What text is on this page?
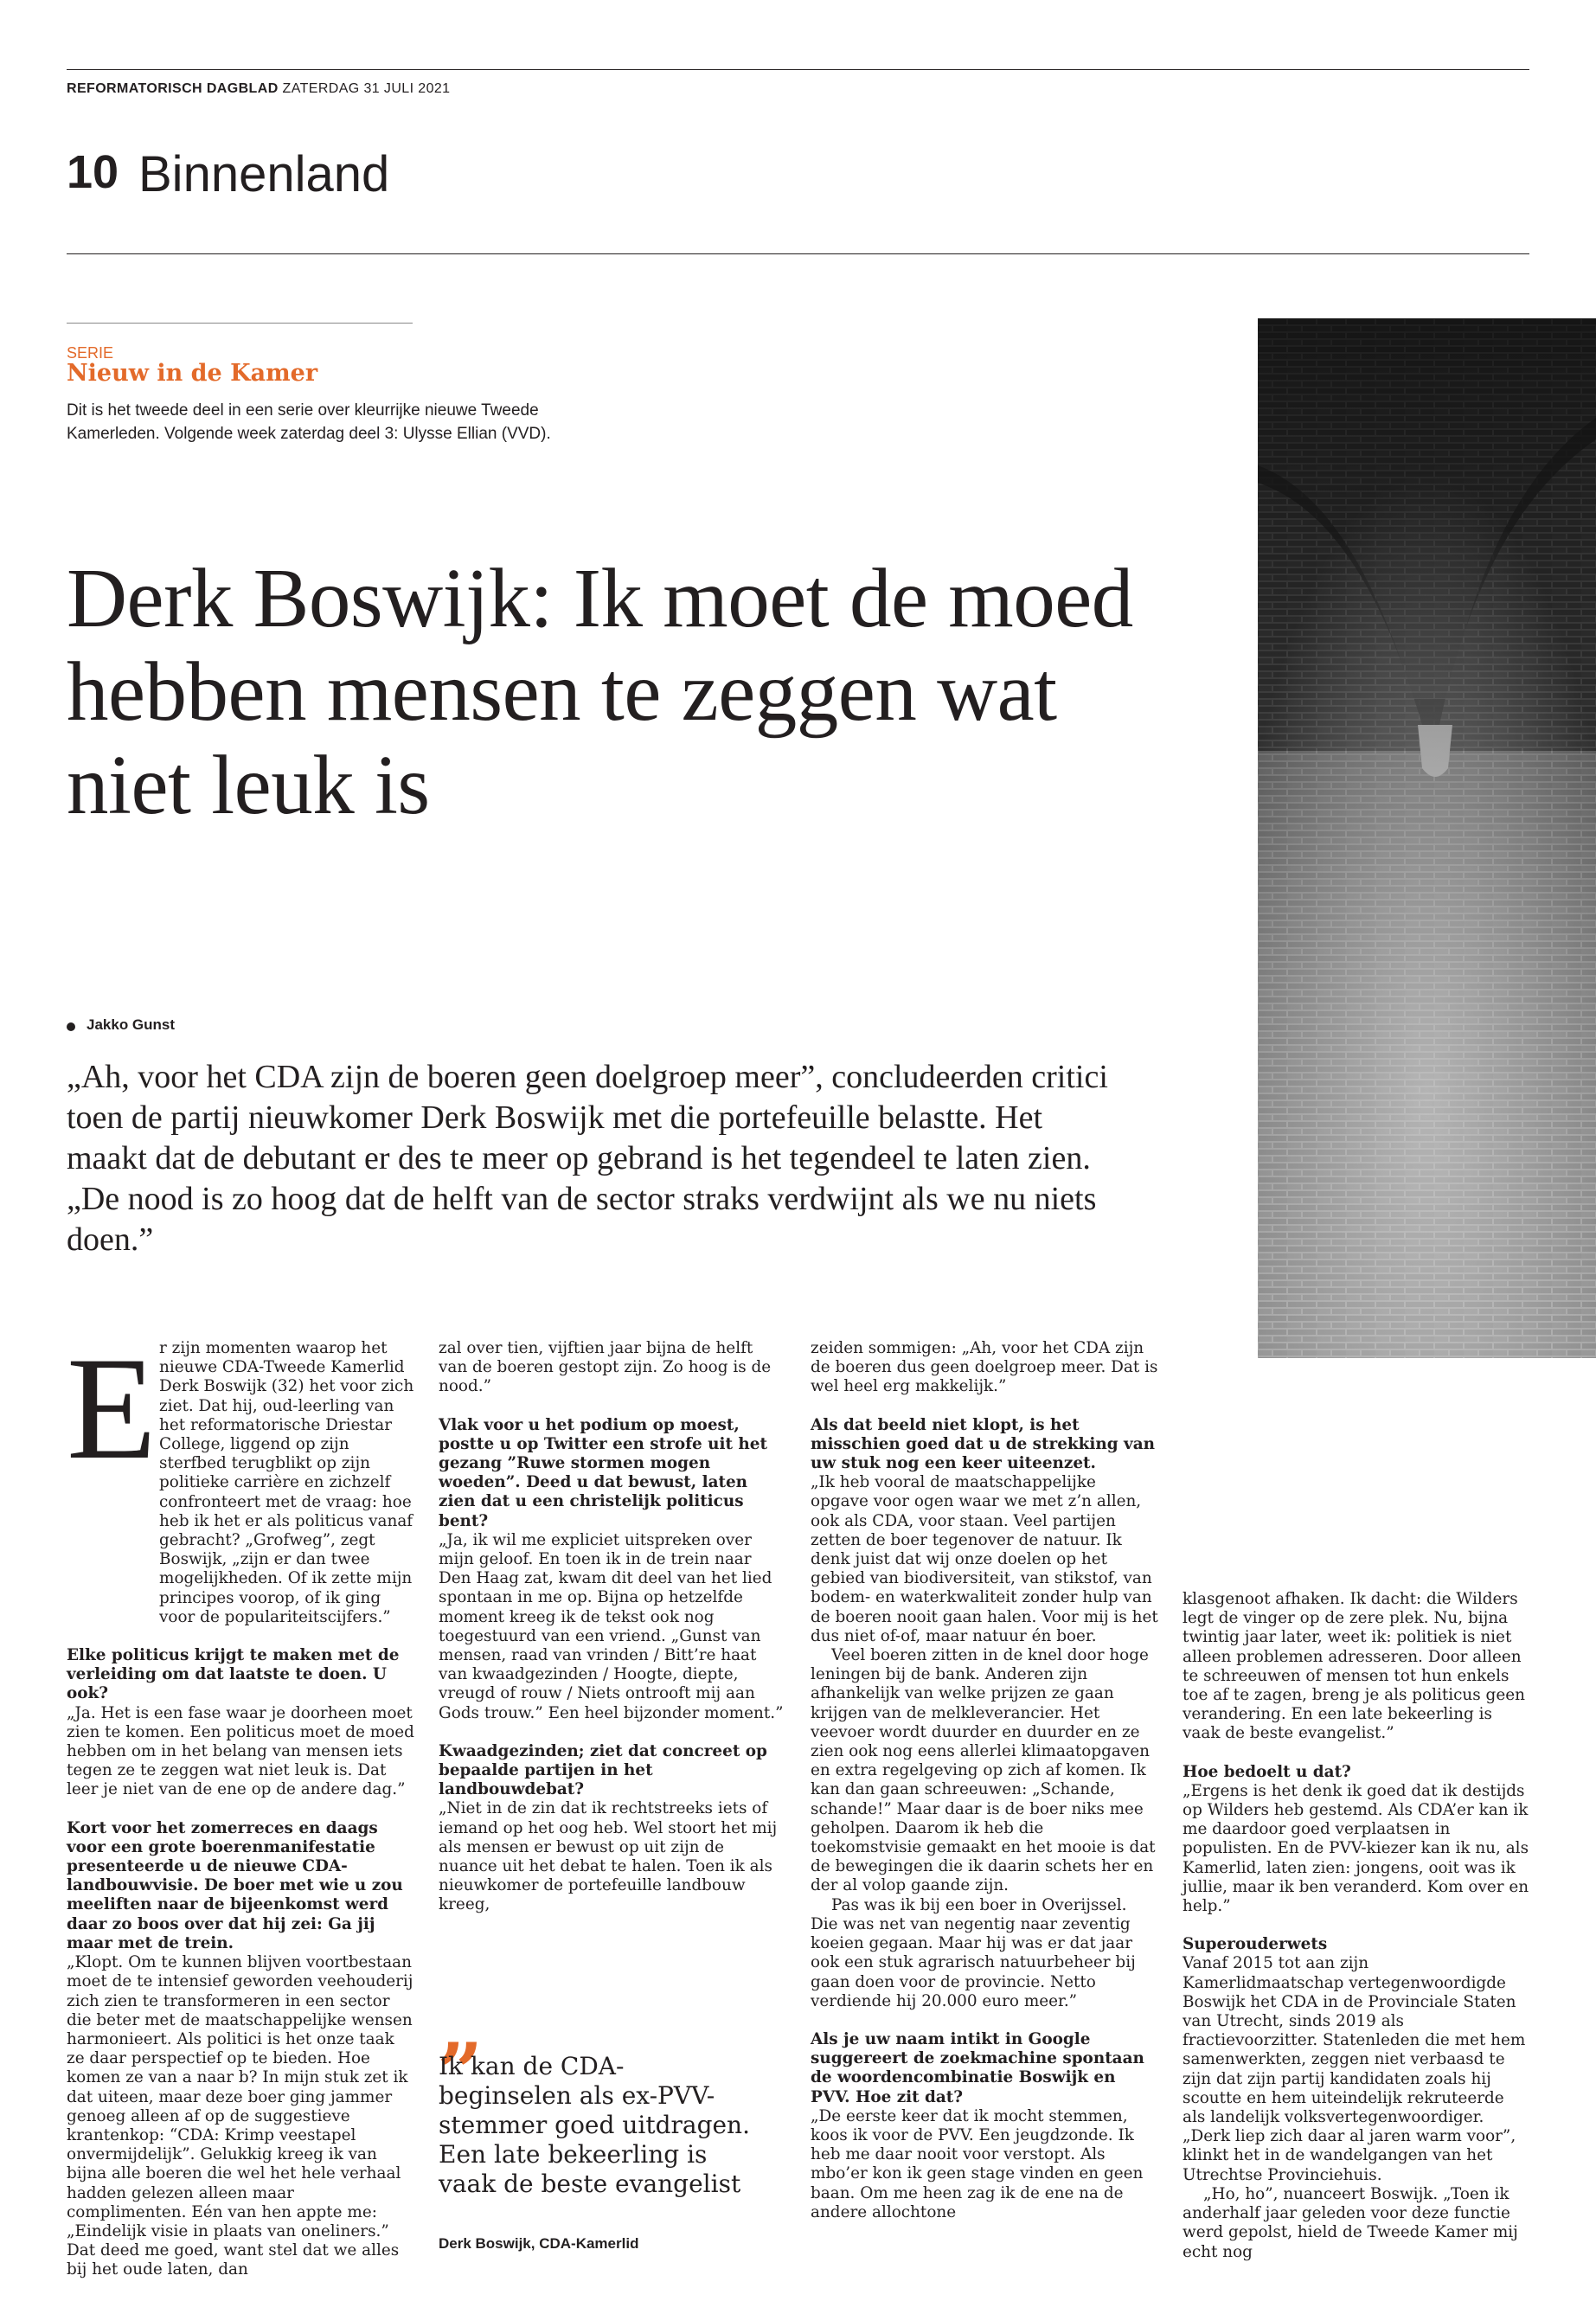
REFORMATORISCH DAGBLAD ZATERDAG 31 JULI 2021
10 Binnenland
SERIE
Nieuw in de Kamer
Dit is het tweede deel in een serie over kleurrijke nieuwe Tweede Kamerleden. Volgende week zaterdag deel 3: Ulysse Ellian (VVD).
Derk Boswijk: Ik moet de moed hebben mensen te zeggen wat niet leuk is
Jakko Gunst
„Ah, voor het CDA zijn de boeren geen doelgroep meer”, concludeerden critici toen de partij nieuwkomer Derk Boswijk met die portefeuille belastte. Het maakt dat de debutant er des te meer op gebrand is het tegendeel te laten zien. „De nood is zo hoog dat de helft van de sector straks verdwijnt als we nu niets doen.”
E r zijn momenten waarop het nieuwe CDA-Tweede Kamerlid Derk Boswijk (32) het voor zich ziet. Dat hij, oud-leerling van het reformatorische Driestar College, liggend op zijn sterfbed terugblikt op zijn politieke carrière en zichzelf confronteert met de vraag: hoe heb ik het er als politicus vanaf gebracht? „Grofweg”, zegt Boswijk, „zijn er dan twee mogelijkheden. Of ik zette mijn principes voorop, of ik ging voor de populariteitscijfers.”

Elke politicus krijgt te maken met de verleiding om dat laatste te doen. U ook?

„Ja. Het is een fase waar je doorheen moet zien te komen. Een politicus moet de moed hebben om in het belang van mensen iets tegen ze te zeggen wat niet leuk is. Dat leer je niet van de ene op de andere dag.”

Kort voor het zomerreces en daags voor een grote boerenmanifestatie presenteerde u de nieuwe CDA-landbouwvisie. De boer met wie u zou meeliften naar de bijeenkomst werd daar zo boos over dat hij zei: Ga jij maar met de trein.

„Klopt. Om te kunnen blijven voortbestaan moet de te intensief geworden veehouderij zich zien te transformeren in een sector die beter met de maatschappelijke wensen harmonieert. Als politici is het onze taak ze daar perspectief op te bieden. Hoe komen ze van a naar b? In mijn stuk zet ik dat uiteen, maar deze boer ging jammer genoeg alleen af op de suggestieve krantenkop: “CDA: Krimp veestapel onvermijdelijk”. Gelukkig kreeg ik van bijna alle boeren die wel het hele verhaal hadden gelezen alleen maar complimenten. Eén van hen appte me: „Eindelijk visie in plaats van oneliners.” Dat deed me goed, want stel dat we alles bij het oude laten, dan

zal over tien, vijftien jaar bijna de helft van de boeren gestopt zijn. Zo hoog is de nood.”

Vlak voor u het podium op moest, postte u op Twitter een strofe uit het gezang ”Ruwe stormen mogen woeden”. Deed u dat bewust, laten zien dat u een christelijk politicus bent?

„Ja, ik wil me expliciet uitspreken over mijn geloof. En toen ik in de trein naar Den Haag zat, kwam dit deel van het lied spontaan in me op. Bijna op hetzelfde moment kreeg ik de tekst ook nog toegestuurd van een vriend. „Gunst van mensen, raad van vrinden / Bitt’re haat van kwaadgezinden / Hoogte, diepte, vreugd of rouw / Niets ontrooft mij aan Gods trouw.” Een heel bijzonder moment.”

Kwaadgezinden; ziet dat concreet op bepaalde partijen in het landbouwdebat?

„Niet in de zin dat ik rechtstreeks iets of iemand op het oog heb. Wel stoort het mij als mensen er bewust op uit zijn de nuance uit het debat te halen. Toen ik als nieuwkomer de portefeuille landbouw kreeg,

zeiden sommigen: „Ah, voor het CDA zijn de boeren dus geen doelgroep meer. Dat is wel heel erg makkelijk.”

Als dat beeld niet klopt, is het misschien goed dat u de strekking van uw stuk nog een keer uiteenzet.

„Ik heb vooral de maatschappelijke opgave voor ogen waar we met z’n allen, ook als CDA, voor staan. Veel partijen zetten de boer tegenover de natuur. Ik denk juist dat wij onze doelen op het gebied van biodiversiteit, van stikstof, van bodem- en waterkwaliteit zonder hulp van de boeren nooit gaan halen. Voor mij is het dus niet of-of, maar natuur én boer.

Veel boeren zitten in de knel door hoge leningen bij de bank. Anderen zijn afhankelijk van welke prijzen ze gaan krijgen van de melkleverancier. Het veevoer wordt duurder en duurder en ze zien ook nog eens allerlei klimaatopgaven en extra regelgeving op zich af komen. Ik kan dan gaan schreeuwen: „Schande, schande!” Maar daar is de boer niks mee geholpen. Daarom ik heb die toekomstvisie gemaakt en het mooie is dat de bewegingen die ik daarin schets her en der al volop gaande zijn.

Pas was ik bij een boer in Overijssel. Die was net van negentig naar zeventig koeien gegaan. Maar hij was er dat jaar ook een stuk agrarisch natuurbeheer bij gaan doen voor de provincie. Netto verdiende hij 20.000 euro meer.”

Als je uw naam intikt in Google suggereert de zoekmachine spontaan de woordencombinatie Boswijk en PVV. Hoe zit dat?

„De eerste keer dat ik mocht stemmen, koos ik voor de PVV. Een jeugdzonde. Ik heb me daar nooit voor verstopt. Als mbo’er kon ik geen stage vinden en geen baan. Om me heen zag ik de ene na de andere allochtone

klasgenoot afhaken. Ik dacht: die Wilders legt de vinger op de zere plek. Nu, bijna twintig jaar later, weet ik: politiek is niet alleen problemen adresseren. Door alleen te schreeuwen of mensen tot hun enkels toe af te zagen, breng je als politicus geen verandering. En een late bekeerling is vaak de beste evangelist.”

Hoe bedoelt u dat?

„Ergens is het denk ik goed dat ik destijds op Wilders heb gestemd. Als CDA’er kan ik me daardoor goed verplaatsen in populisten. En de PVV-kiezer kan ik nu, als Kamerlid, laten zien: jongens, ooit was ik jullie, maar ik ben veranderd. Kom over en help.”

Superouderwets

Vanaf 2015 tot aan zijn Kamerlidmaatschap vertegenwoordigde Boswijk het CDA in de Provinciale Staten van Utrecht, sinds 2019 als fractievoorzitter. Statenleden die met hem samenwerkten, zeggen niet verbaasd te zijn dat zijn partij kandidaten zoals hij scoutte en hem uiteindelijk rekruteerde als landelijk volksvertegenwoordiger. „Derk liep zich daar al jaren warm voor”, klinkt het in de wandelgangen van het Utrechtse Provinciehuis.

„Ho, ho”, nuanceert Boswijk. „Toen ik anderhalf jaar geleden voor deze functie werd gepolst, hield de Tweede Kamer mij echt nog

„
Ik kan de CDA-beginselen als ex-PVV-stemmer goed uitdragen. Een late bekeerling is vaak de beste evangelist
Derk Boswijk, CDA-Kamerlid
